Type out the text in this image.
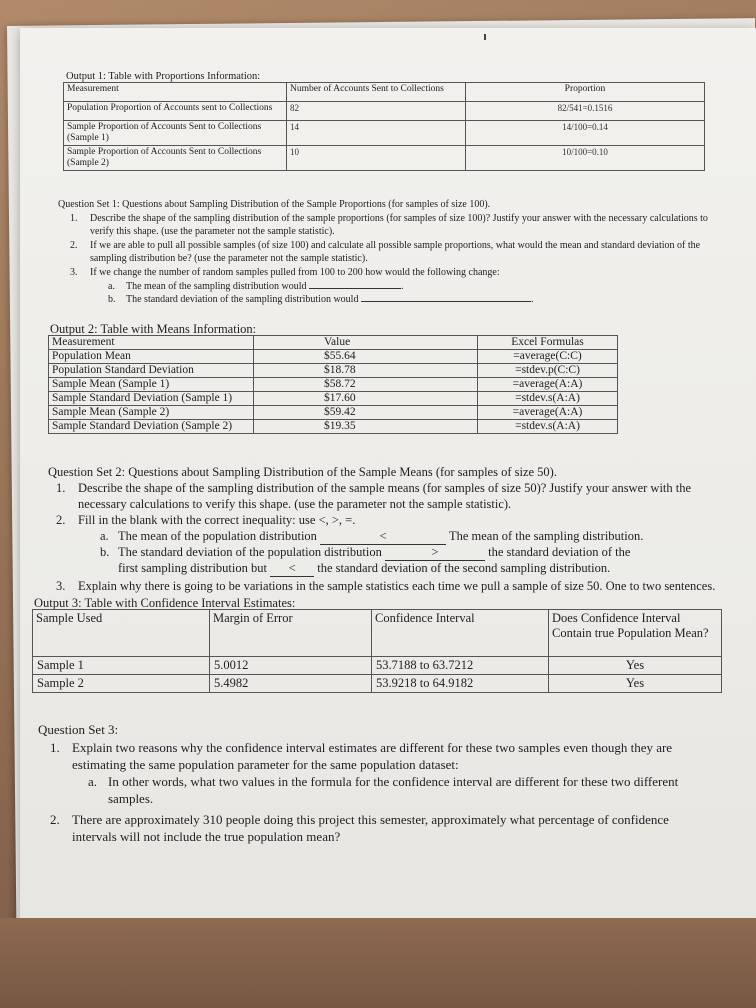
Output 1: Table with Proportions Information:
Measurement	Number of Accounts Sent to Collections	Proportion
Population Proportion of Accounts sent to Collections	82	82/541=0.1516
Sample Proportion of Accounts Sent to Collections (Sample 1)	14	14/100=0.14
Sample Proportion of Accounts Sent to Collections (Sample 2)	10	10/100=0.10
Question Set 1: Questions about Sampling Distribution of the Sample Proportions (for samples of size 100).
1. Describe the shape of the sampling distribution of the sample proportions (for samples of size 100)? Justify your answer with the necessary calculations to verify this shape. (use the parameter not the sample statistic).
2. If we are able to pull all possible samples (of size 100) and calculate all possible sample proportions, what would the mean and standard deviation of the sampling distribution be? (use the parameter not the sample statistic).
3. If we change the number of random samples pulled from 100 to 200 how would the following change:
a. The mean of the sampling distribution would	.
b. The standard deviation of the sampling distribution would	.
Output 2: Table with Means Information:
Measurement	Value	Excel Formulas
Population Mean	$55.64	=average(C:C)
Population Standard Deviation	$18.78	=stdev.p(C:C)
Sample Mean (Sample 1)	$58.72	=average(A:A)
Sample Standard Deviation (Sample 1)	$17.60	=stdev.s(A:A)
Sample Mean (Sample 2)	$59.42	=average(A:A)
Sample Standard Deviation (Sample 2)	$19.35	=stdev.s(A:A)
Question Set 2: Questions about Sampling Distribution of the Sample Means (for samples of size 50).
1. Describe the shape of the sampling distribution of the sample means (for samples of size 50)? Justify your answer with the necessary calculations to verify this shape. (use the parameter not the sample statistic).
2. Fill in the blank with the correct inequality: use <, >, =.
a. The mean of the population distribution	<	The mean of the sampling distribution.
b. The standard deviation of the population distribution	>	the standard deviation of the
first sampling distribution but < the standard deviation of the second sampling distribution.
3. Explain why there is going to be variations in the sample statistics each time we pull a sample of size 50. One to two sentences.
Output 3: Table with Confidence Interval Estimates:
Sample Used	Margin of Error	Confidence Interval	Does Confidence Interval Contain true Population Mean?
Sample 1	5.0012	53.7188 to 63.7212	Yes
Sample 2	5.4982	53.9218 to 64.9182	Yes
Question Set 3:
1. Explain two reasons why the confidence interval estimates are different for these two samples even though they are estimating the same population parameter for the same population dataset:
a. In other words, what two values in the formula for the confidence interval are different for these two different samples.
2. There are approximately 310 people doing this project this semester, approximately what percentage of confidence intervals will not include the true population mean?
